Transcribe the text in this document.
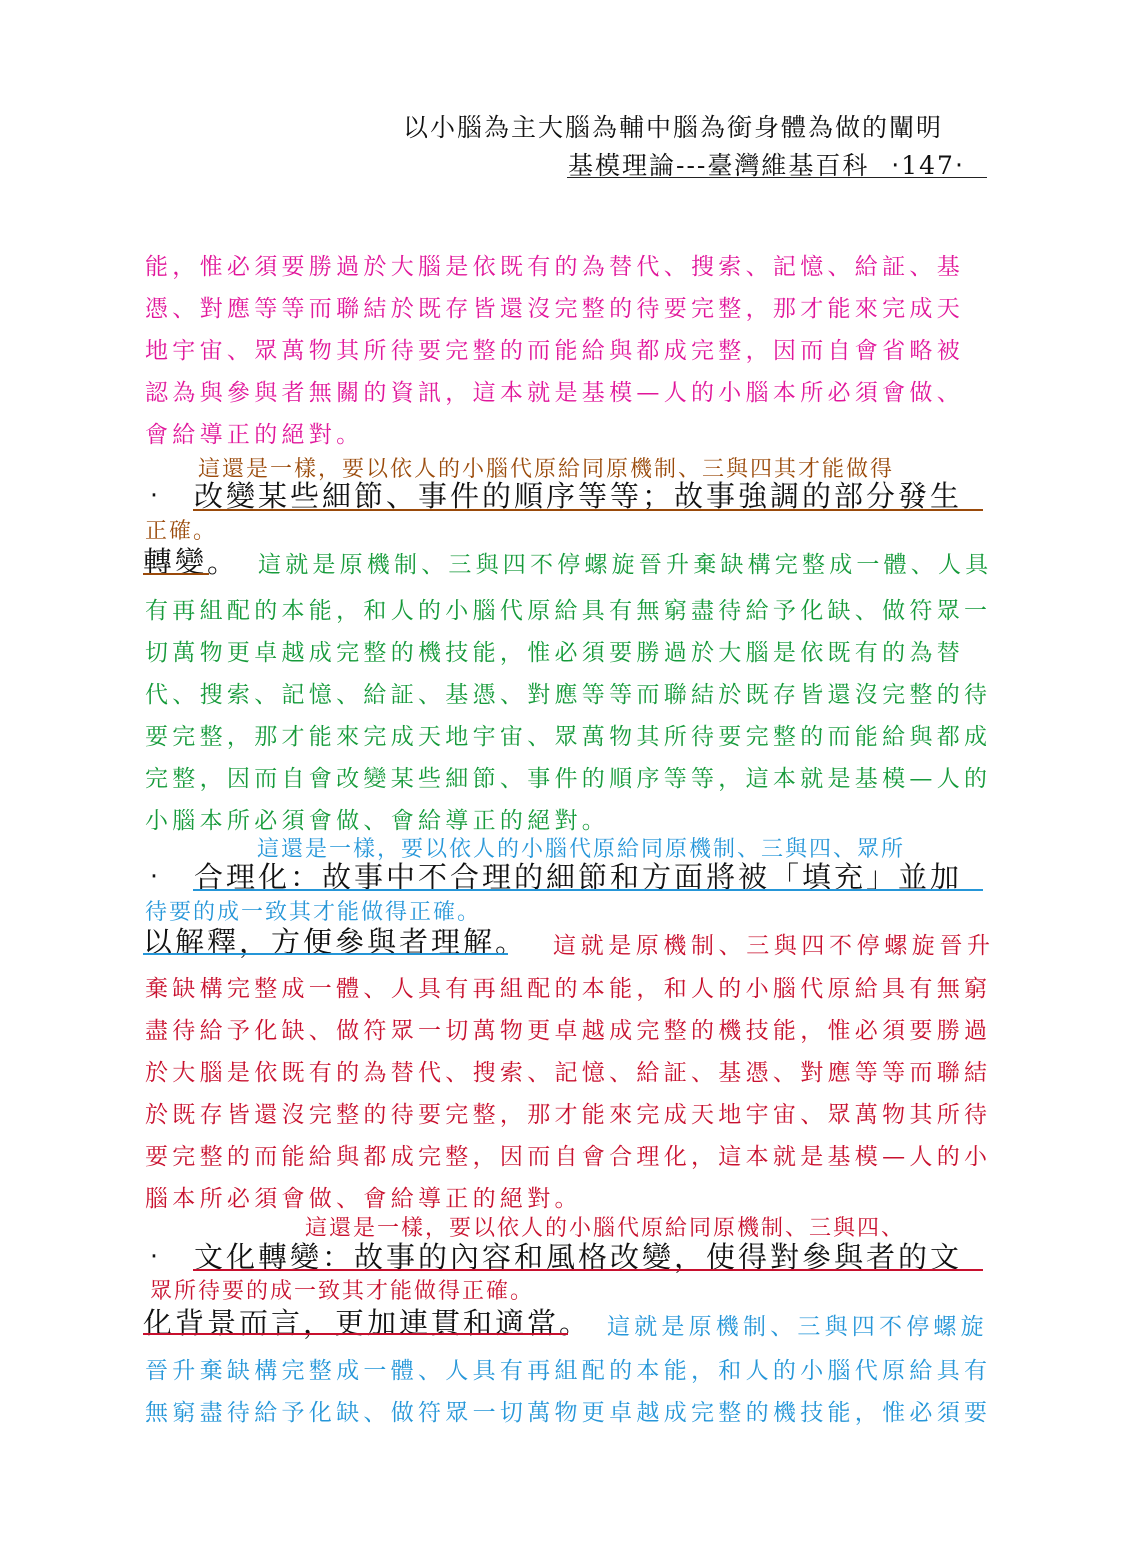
以小腦為主大腦為輔中腦為銜身體為做的闡明
基模理論---臺灣維基百科 ‧147‧
能，惟必須要勝過於大腦是依既有的為替代、搜索、記憶、給証、基
憑、對應等等而聯結於既存皆還沒完整的待要完整，那才能來完成天
地宇宙、眾萬物其所待要完整的而能給與都成完整，因而自會省略被
認為與參與者無關的資訊，這本就是基模—人的小腦本所必須會做、
會給導正的絕對。
這還是一樣，要以依人的小腦代原給同原機制、三與四其才能做得
‧ 改變某些細節、事件的順序等等；故事強調的部分發生
正確。
轉變。 這就是原機制、三與四不停螺旋晉升棄缺構完整成一體、人具
有再組配的本能，和人的小腦代原給具有無窮盡待給予化缺、做符眾一
切萬物更卓越成完整的機技能，惟必須要勝過於大腦是依既有的為替
代、搜索、記憶、給証、基憑、對應等等而聯結於既存皆還沒完整的待
要完整，那才能來完成天地宇宙、眾萬物其所待要完整的而能給與都成
完整，因而自會改變某些細節、事件的順序等等，這本就是基模—人的
小腦本所必須會做、會給導正的絕對。
這還是一樣，要以依人的小腦代原給同原機制、三與四、眾所
‧ 合理化：故事中不合理的細節和方面將被「填充」並加
待要的成一致其才能做得正確。
以解釋，方便參與者理解。 這就是原機制、三與四不停螺旋晉升
棄缺構完整成一體、人具有再組配的本能，和人的小腦代原給具有無窮
盡待給予化缺、做符眾一切萬物更卓越成完整的機技能，惟必須要勝過
於大腦是依既有的為替代、搜索、記憶、給証、基憑、對應等等而聯結
於既存皆還沒完整的待要完整，那才能來完成天地宇宙、眾萬物其所待
要完整的而能給與都成完整，因而自會合理化，這本就是基模—人的小
腦本所必須會做、會給導正的絕對。
這還是一樣，要以依人的小腦代原給同原機制、三與四、
‧ 文化轉變：故事的內容和風格改變，使得對參與者的文
眾所待要的成一致其才能做得正確。
化背景而言，更加連貫和適當。 這就是原機制、三與四不停螺旋
晉升棄缺構完整成一體、人具有再組配的本能，和人的小腦代原給具有
無窮盡待給予化缺、做符眾一切萬物更卓越成完整的機技能，惟必須要
